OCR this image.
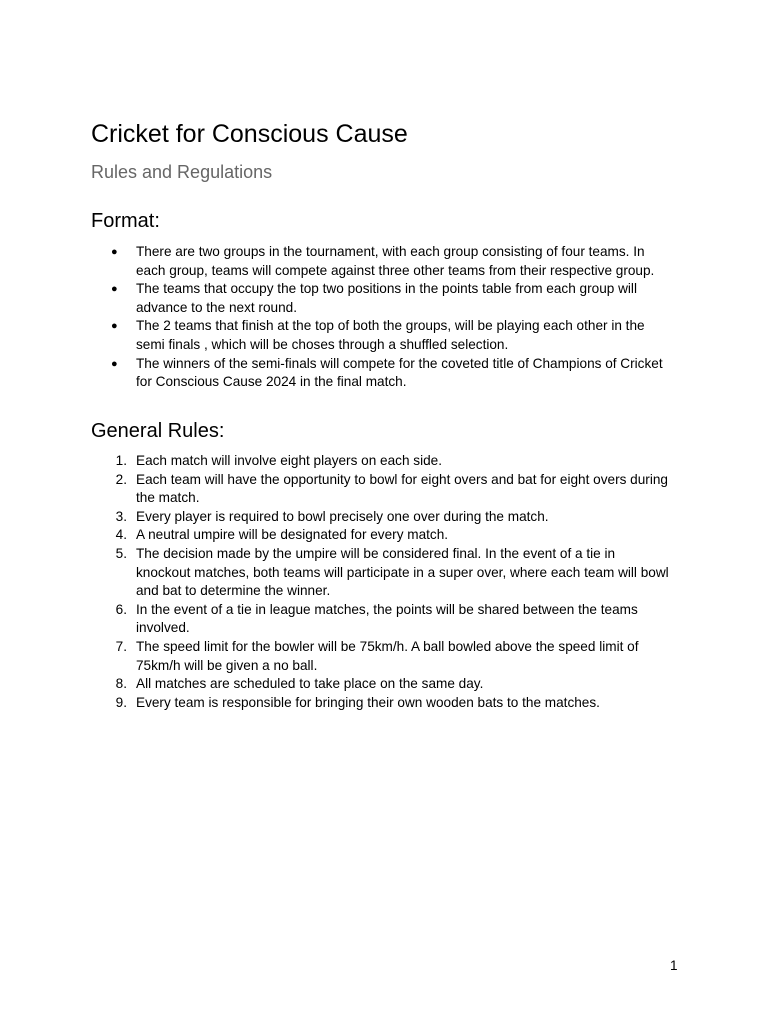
Cricket for Conscious Cause
Rules and Regulations
Format:
● There are two groups in the tournament, with each group consisting of four teams. In
each group, teams will compete against three other teams from their respective group.
● The teams that occupy the top two positions in the points table from each group will
advance to the next round.
● The 2 teams that finish at the top of both the groups, will be playing each other in the
semi finals , which will be choses through a shuffled selection.
● The winners of the semi-finals will compete for the coveted title of Champions of Cricket
for Conscious Cause 2024 in the final match.
General Rules:
1. Each match will involve eight players on each side.
2. Each team will have the opportunity to bowl for eight overs and bat for eight overs during
the match.
3. Every player is required to bowl precisely one over during the match.
4. A neutral umpire will be designated for every match.
5. The decision made by the umpire will be considered final. In the event of a tie in
knockout matches, both teams will participate in a super over, where each team will bowl
and bat to determine the winner.
6. In the event of a tie in league matches, the points will be shared between the teams
involved.
7. The speed limit for the bowler will be 75km/h. A ball bowled above the speed limit of
75km/h will be given a no ball.
8. All matches are scheduled to take place on the same day.
9. Every team is responsible for bringing their own wooden bats to the matches.
1
